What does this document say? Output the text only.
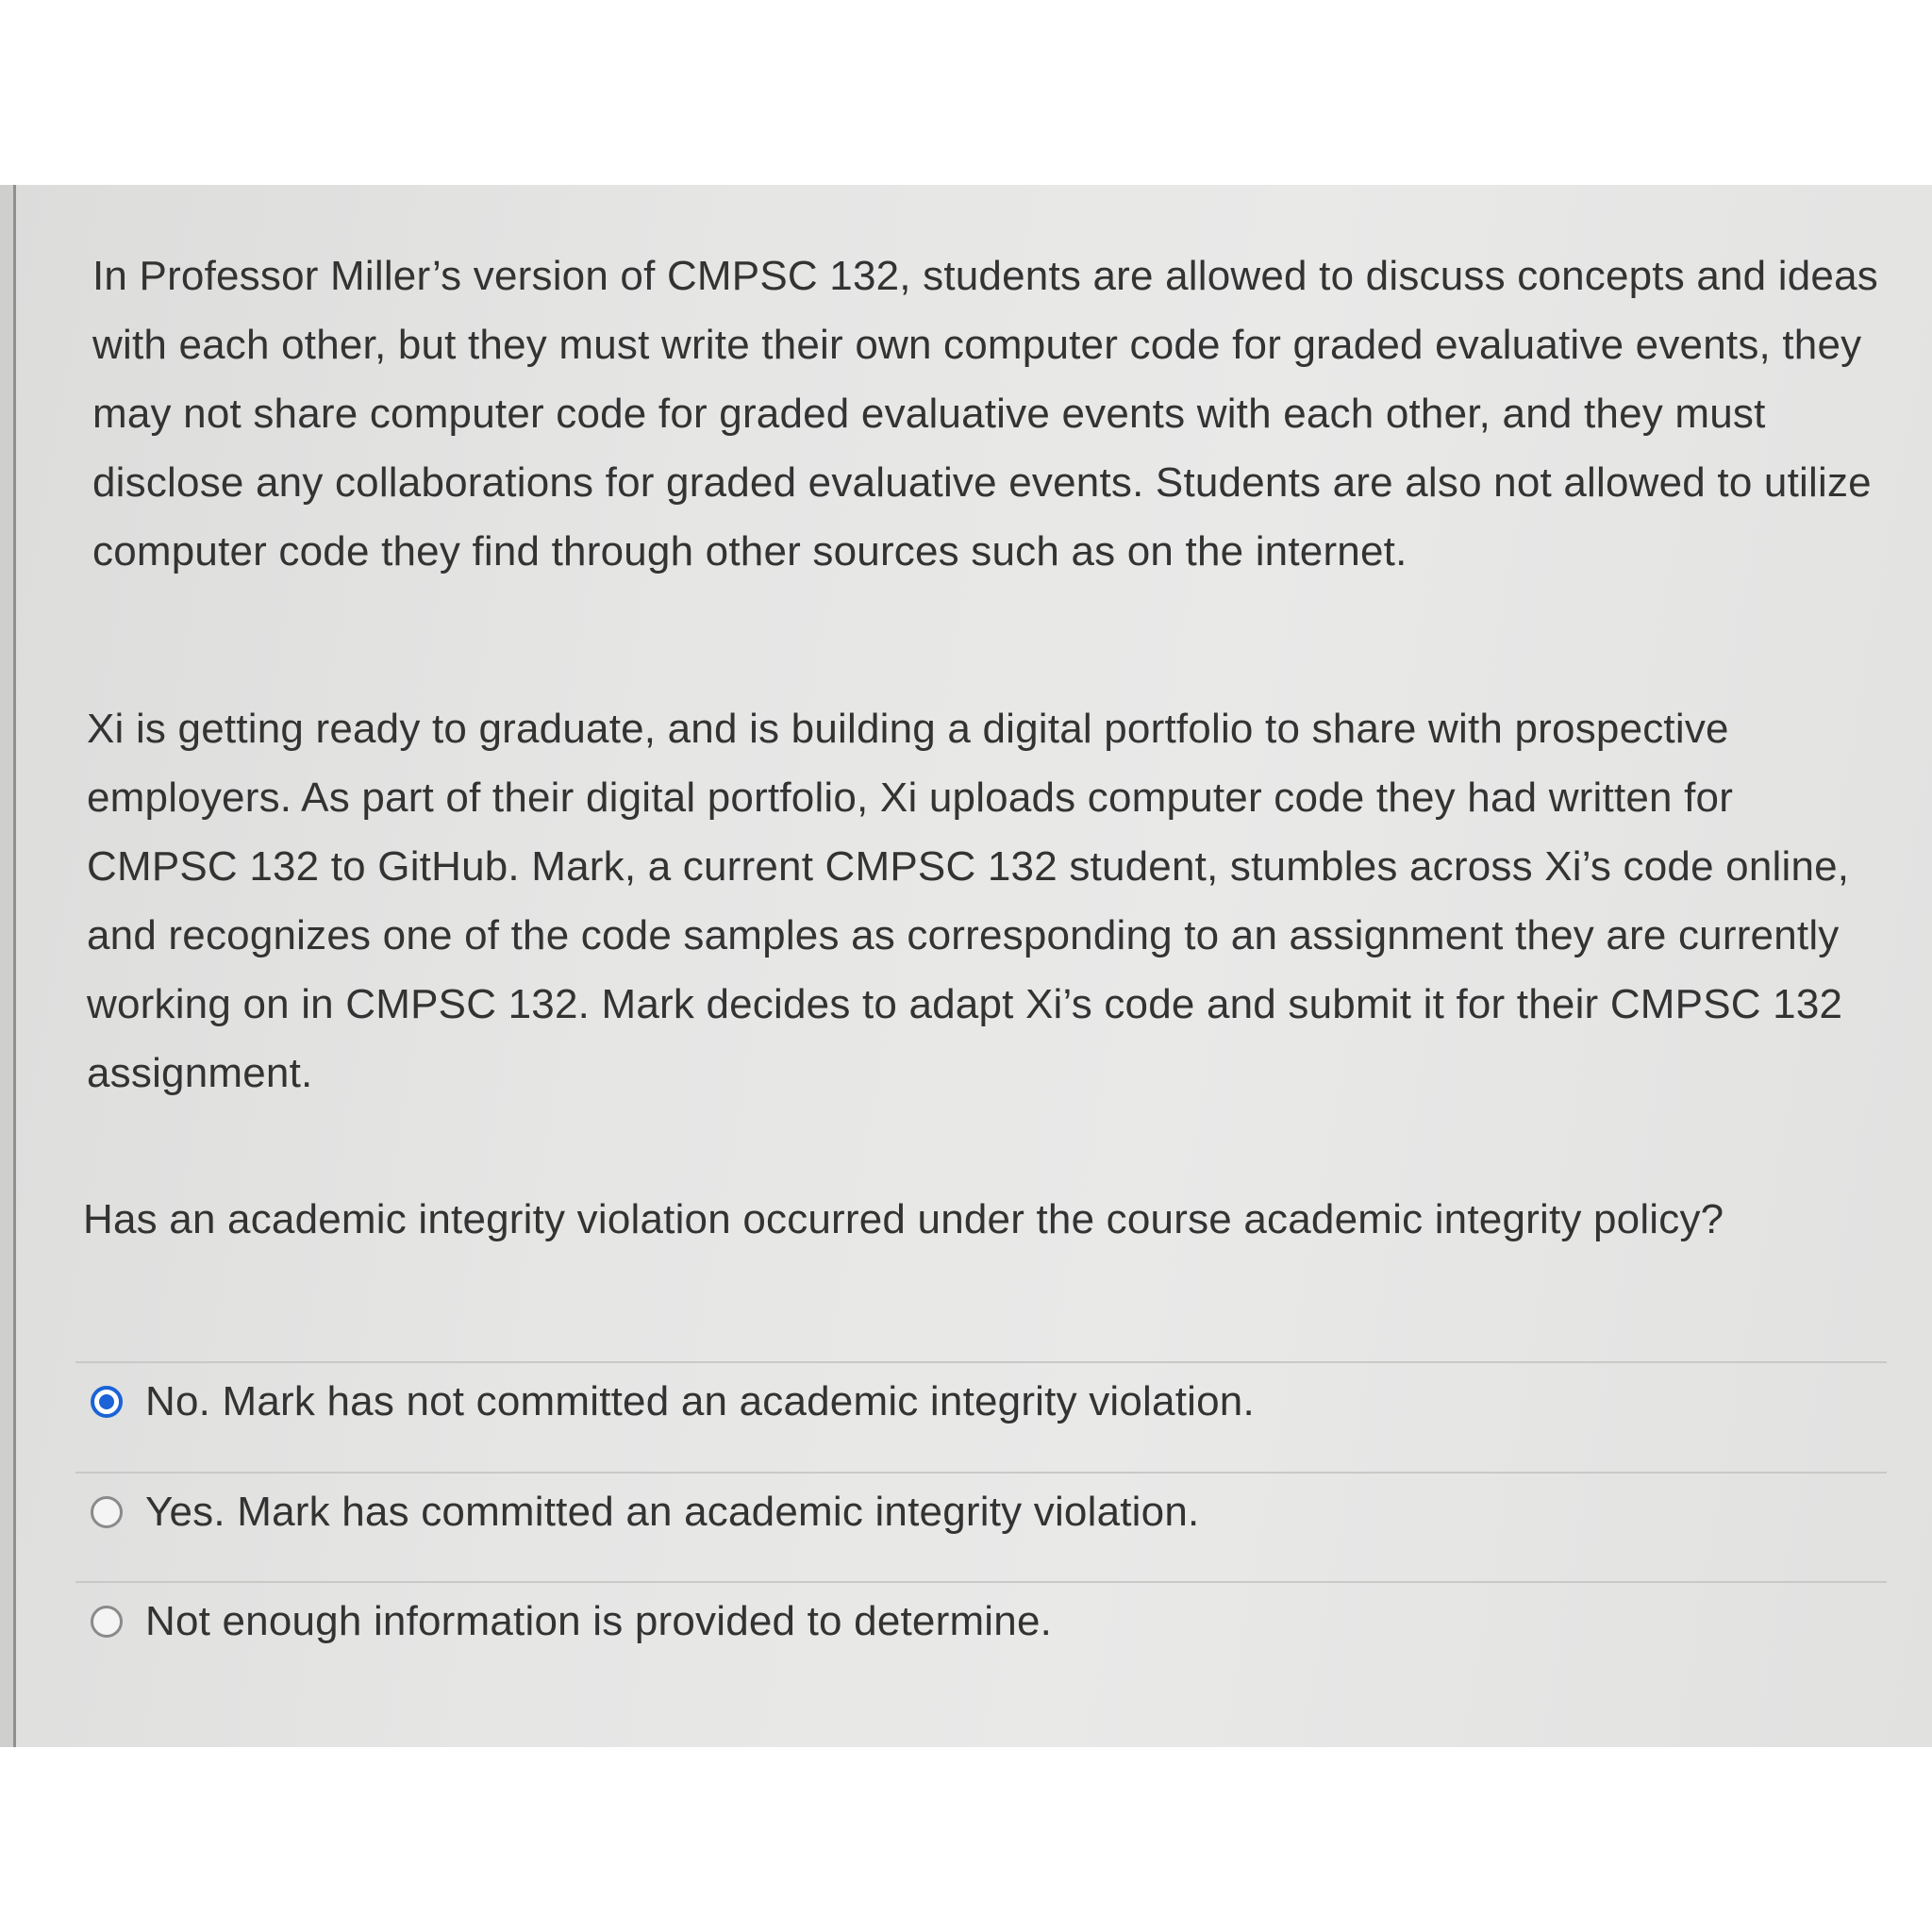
In Professor Miller’s version of CMPSC 132, students are allowed to discuss concepts and ideas with each other, but they must write their own computer code for graded evaluative events, they may not share computer code for graded evaluative events with each other, and they must disclose any collaborations for graded evaluative events. Students are also not allowed to utilize computer code they find through other sources such as on the internet.

Xi is getting ready to graduate, and is building a digital portfolio to share with prospective employers. As part of their digital portfolio, Xi uploads computer code they had written for CMPSC 132 to GitHub. Mark, a current CMPSC 132 student, stumbles across Xi’s code online, and recognizes one of the code samples as corresponding to an assignment they are currently working on in CMPSC 132. Mark decides to adapt Xi’s code and submit it for their CMPSC 132 assignment.

Has an academic integrity violation occurred under the course academic integrity policy?

No. Mark has not committed an academic integrity violation.
Yes. Mark has committed an academic integrity violation.
Not enough information is provided to determine.
